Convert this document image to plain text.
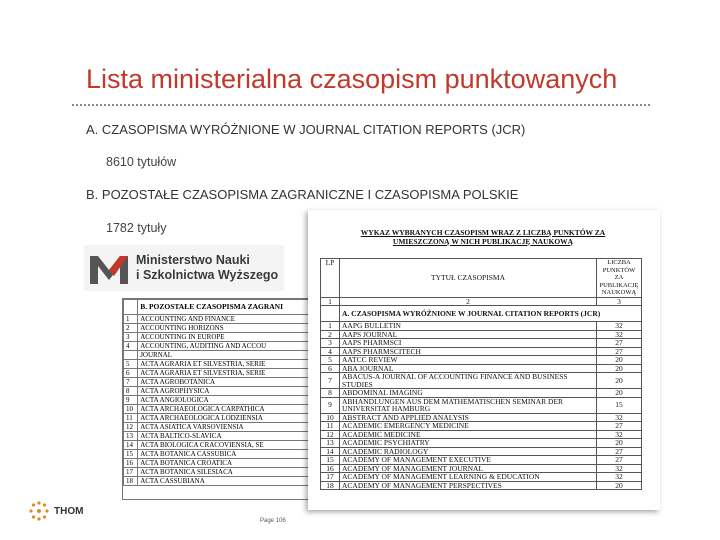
Lista ministerialna czasopism punktowanych
A. CZASOPISMA WYRÓŻNIONE W JOURNAL CITATION REPORTS (JCR)
8610 tytułów
B. POZOSTAŁE CZASOPISMA ZAGRANICZNE I CZASOPISMA POLSKIE
1782 tytuły
Ministerstwo Nauki
i Szkolnictwa Wyższego
	B. POZOSTAŁE CZASOPISMA ZAGRANI
1	ACCOUNTING AND FINANCE
2	ACCOUNTING HORIZONS
3	ACCOUNTING IN EUROPE
4	ACCOUNTING, AUDITING AND ACCOU
	JOURNAL
5	ACTA AGRARIA ET SILVESTRIA, SERIE
6	ACTA AGRARIA ET SILVESTRIA, SERIE
7	ACTA AGROBOTANICA
8	ACTA AGROPHYSICA
9	ACTA ANGIOLOGICA
10	ACTA ARCHAEOLOGICA CARPATHICA
11	ACTA ARCHAEOLOGICA LODZIENSIA
12	ACTA ASIATICA VARSOVIENSIA
13	ACTA BALTICO-SLAVICA
14	ACTA BIOLOGICA CRACOVIENSIA, SE
15	ACTA BOTANICA CASSUBICA
16	ACTA BOTANICA CROATICA
17	ACTA BOTANICA SILESIACA
18	ACTA CASSUBIANA
WYKAZ WYBRANYCH CZASOPISM WRAZ Z LICZBĄ PUNKTÓW ZA
UMIESZCZONĄ W NICH PUBLIKACJĘ NAUKOWĄ
LP	TYTUŁ CZASOPISMA	LICZBA PUNKTÓW ZA PUBLIKACJĘ NAUKOWĄ
1	2	3
	A. CZASOPISMA WYRÓŻNIONE W JOURNAL CITATION REPORTS (JCR)	
1	AAPG BULLETIN	32
2	AAPS JOURNAL	32
3	AAPS PHARMSCI	27
4	AAPS PHARMSCITECH	27
5	AATCC REVIEW	20
6	ABA JOURNAL	20
7	ABACUS-A JOURNAL OF ACCOUNTING FINANCE AND BUSINESS STUDIES	20
8	ABDOMINAL IMAGING	20
9	ABHANDLUNGEN AUS DEM MATHEMATISCHEN SEMINAR DER UNIVERSITAT HAMBURG	15
10	ABSTRACT AND APPLIED ANALYSIS	32
11	ACADEMIC EMERGENCY MEDICINE	27
12	ACADEMIC MEDICINE	32
13	ACADEMIC PSYCHIATRY	20
14	ACADEMIC RADIOLOGY	27
15	ACADEMY OF MANAGEMENT EXECUTIVE	27
16	ACADEMY OF MANAGEMENT JOURNAL	32
17	ACADEMY OF MANAGEMENT LEARNING & EDUCATION	32
18	ACADEMY OF MANAGEMENT PERSPECTIVES	20
Page 106
THOM
